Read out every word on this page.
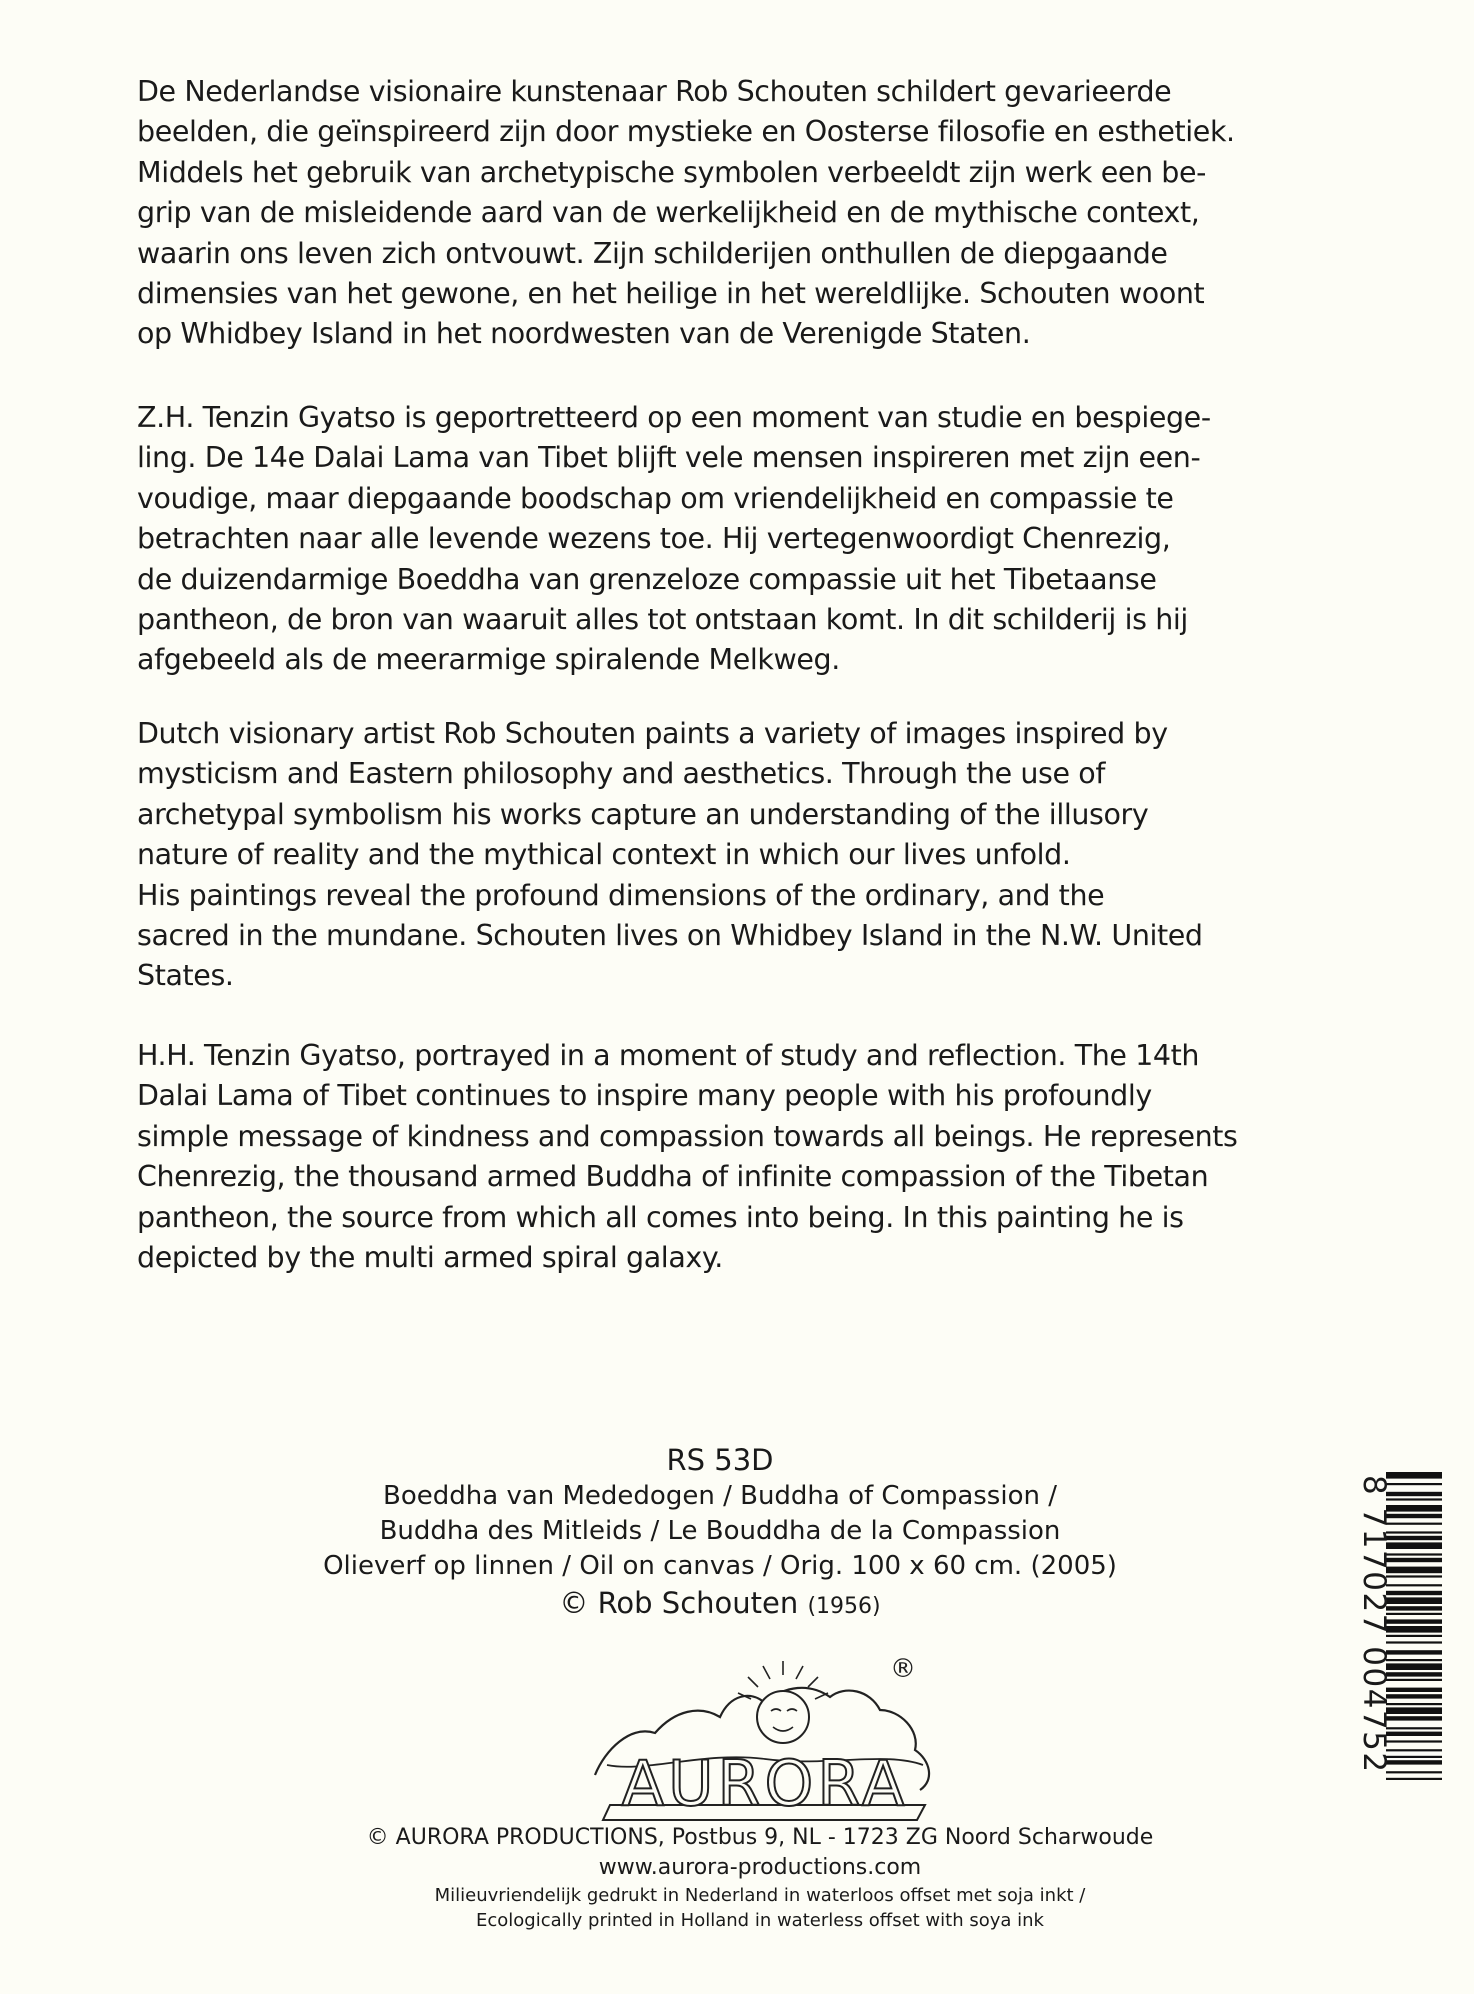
De Nederlandse visionaire kunstenaar Rob Schouten schildert gevarieerde
beelden, die geïnspireerd zijn door mystieke en Oosterse filosofie en esthetiek.
Middels het gebruik van archetypische symbolen verbeeldt zijn werk een be-
grip van de misleidende aard van de werkelijkheid en de mythische context,
waarin ons leven zich ontvouwt. Zijn schilderijen onthullen de diepgaande
dimensies van het gewone, en het heilige in het wereldlijke. Schouten woont
op Whidbey Island in het noordwesten van de Verenigde Staten.
Z.H. Tenzin Gyatso is geportretteerd op een moment van studie en bespiege-
ling. De 14e Dalai Lama van Tibet blijft vele mensen inspireren met zijn een-
voudige, maar diepgaande boodschap om vriendelijkheid en compassie te
betrachten naar alle levende wezens toe. Hij vertegenwoordigt Chenrezig,
de duizendarmige Boeddha van grenzeloze compassie uit het Tibetaanse
pantheon, de bron van waaruit alles tot ontstaan komt. In dit schilderij is hij
afgebeeld als de meerarmige spiralende Melkweg.
Dutch visionary artist Rob Schouten paints a variety of images inspired by
mysticism and Eastern philosophy and aesthetics. Through the use of
archetypal symbolism his works capture an understanding of the illusory
nature of reality and the mythical context in which our lives unfold.
His paintings reveal the profound dimensions of the ordinary, and the
sacred in the mundane. Schouten lives on Whidbey Island in the N.W. United
States.
H.H. Tenzin Gyatso, portrayed in a moment of study and reflection. The 14th
Dalai Lama of Tibet continues to inspire many people with his profoundly
simple message of kindness and compassion towards all beings. He represents
Chenrezig, the thousand armed Buddha of infinite compassion of the Tibetan
pantheon, the source from which all comes into being. In this painting he is
depicted by the multi armed spiral galaxy.
RS 53D
Boeddha van Mededogen / Buddha of Compassion /
Buddha des Mitleids / Le Bouddha de la Compassion
Olieverf op linnen / Oil on canvas / Orig. 100 x 60 cm. (2005)
© Rob Schouten (1956)
AURORA
®
© AURORA PRODUCTIONS, Postbus 9, NL - 1723 ZG Noord Scharwoude
www.aurora-productions.com
Milieuvriendelijk gedrukt in Nederland in waterloos offset met soja inkt /
Ecologically printed in Holland in waterless offset with soya ink
8 717027 004752
